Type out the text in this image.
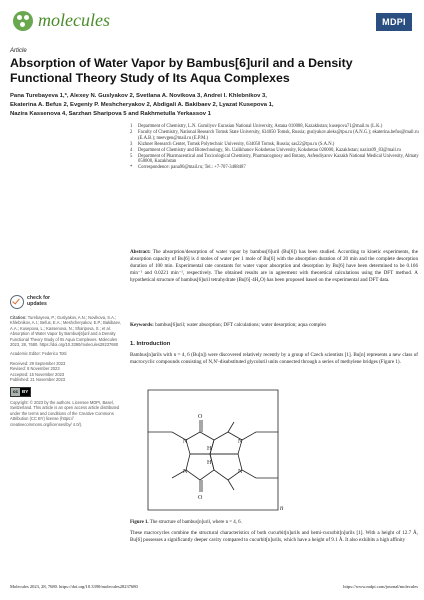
molecules	MDPI
Article
Absorption of Water Vapor by Bambus[6]uril and a Density Functional Theory Study of Its Aqua Complexes
Pana Turebayeva 1,*, Alexey N. Guslyakov 2, Svetlana A. Novikova 3, Andrei I. Khlebnikov 3,
Ekaterina A. Befus 2, Evgeniy P. Meshcheryakov 2, Abdigali A. Bakibaev 2, Lyazat Kusepova 1,
Nazira Kassenova 4, Sarzhan Sharipova 5 and Rakhmetulla Yerkassov 1
1	Department of Chemistry, L.N. Gumilyov Eurasian National University, Astana 010008, Kazakhstan; kusepova71@mail.ru (L.K.)
2	Faculty of Chemistry, National Research Tomsk State University, 634050 Tomsk, Russia; guslyakov.aleks@tpu.ru (A.N.G.); ekaterina.befus@mail.ru (E.A.B.); meevgen@mail.ru (E.P.M.)
3	Kizhner Research Center, Tomsk Polytechnic University, 634050 Tomsk, Russia; sas22@tpu.ru (S.A.N.)
4	Department of Chemistry and Biotechnology, Sh. Ualikhanov Kokshetau University, Kokshetau 020000, Kazakhstan; nazira09_83@mail.ru
5	Department of Pharmaceutical and Toxicological Chemistry, Pharmacognosy and Botany, Asfendiyarov Kazakh National Medical University, Almaty 050000, Kazakhstan
*	Correspondence: pana90@mail.ru; Tel.: +7-707-3488487
Abstract: The absorption/desorption of water vapor by bambus[6]uril (Bu[6]) has been studied. According to kinetic experiments, the absorption capacity of Bu[6] is 4 moles of water per 1 mole of Bu[6] with the absorption duration of 20 min and the complete desorption duration of 100 min. Experimental rate constants for water vapor absorption and desorption by Bu[6] have been determined to be 0.166 min⁻¹ and 0.0221 min⁻¹, respectively. The obtained results are in agreement with theoretical calculations using the DFT method. A hypothetical structure of bambus[6]uril tetrahydrate (Bu[6]·4H₂O) has been proposed based on the experimental and DFT data.
Keywords: bambus[6]uril; water absorption; DFT calculations; water desorption; aqua complex
check for
updates
Citation: Turebayeva, P.; Guslyakov, A.N.; Novikova, S.A.; Khlebnikov, A.I.; Befus, E.A.; Meshcheryakov, E.P.; Bakibaev, A.A.; Kusepova, L.; Kassenova, N.; Sharipova, S.; et al. Absorption of Water Vapor by Bambus[6]uril and a Density Functional Theory Study of Its Aqua Complexes. Molecules 2023, 28, 7680. https://doi.org/10.3390/molecules28237680
Academic Editor: Federico Totti
Received: 29 September 2023
Revised: 8 November 2023
Accepted: 15 November 2023
Published: 21 November 2023
cc BY
Copyright: © 2023 by the authors. Licensee MDPI, Basel, Switzerland. This article is an open access article distributed under the terms and conditions of the Creative Commons Attribution (CC BY) license (https:// creativecommons.org/licenses/by/ 4.0/).
1. Introduction
Bambus[n]urils with n = 4, 6 (Bu[n]) were discovered relatively recently by a group of Czech scientists [1]. Bu[n] represents a new class of macrocyclic compounds consisting of N,N′-disubstituted glycoluril units connected through a series of methylene bridges (Figure 1).
O
O
N	N
N	N
H
H
n
Figure 1. The structure of bambus[n]uril, where n = 4, 6.
These macrocycles combine the structural characteristics of both cucurbit[n]urils and hemi-cucurbit[n]urils [1]. With a height of 12.7 Å, Bu[6] possesses a significantly deeper cavity compared to cucurbit[n]urils, which have a height of 9.1 Å. It also exhibits a high affinity
Molecules 2023, 28, 7680. https://doi.org/10.3390/molecules28237680	https://www.mdpi.com/journal/molecules
